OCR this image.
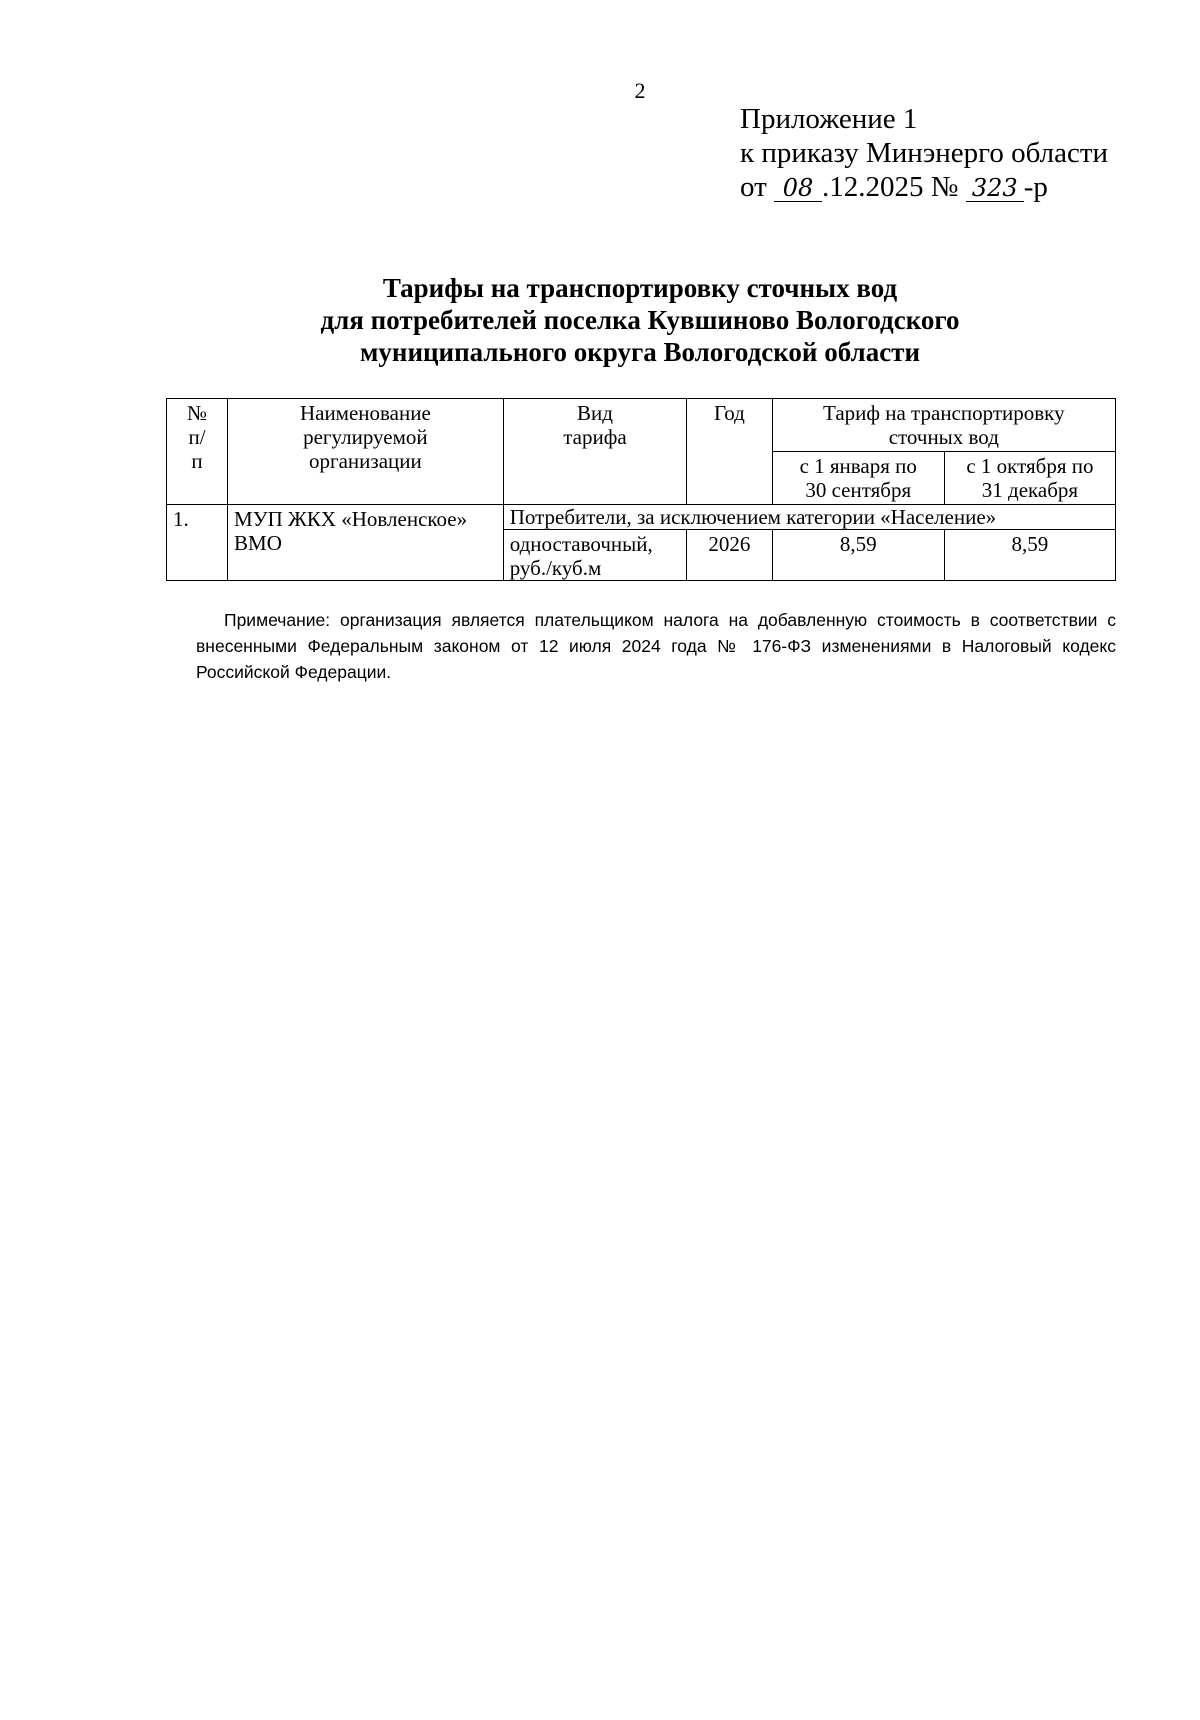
2
Приложение 1
к приказу Минэнерго области
от 08 .12.2025 № 323 -р
Тарифы на транспортировку сточных вод
для потребителей поселка Кувшиново Вологодского
муниципального округа Вологодской области
№ п/п	Наименование регулируемой организации	Вид тарифа	Год	Тариф на транспортировку сточных вод	
				с 1 января по 30 сентября	с 1 октября по 31 декабря
1.	МУП ЖКХ «Новленское» ВМО	Потребители, за исключением категории «Население»			
		одноставочный, руб./куб.м	2026	8,59	8,59

Примечание: организация является плательщиком налога на добавленную стоимость в соответствии с внесенными Федеральным законом от 12 июля 2024 года № 176-ФЗ изменениями в Налоговый кодекс Российской Федерации.
